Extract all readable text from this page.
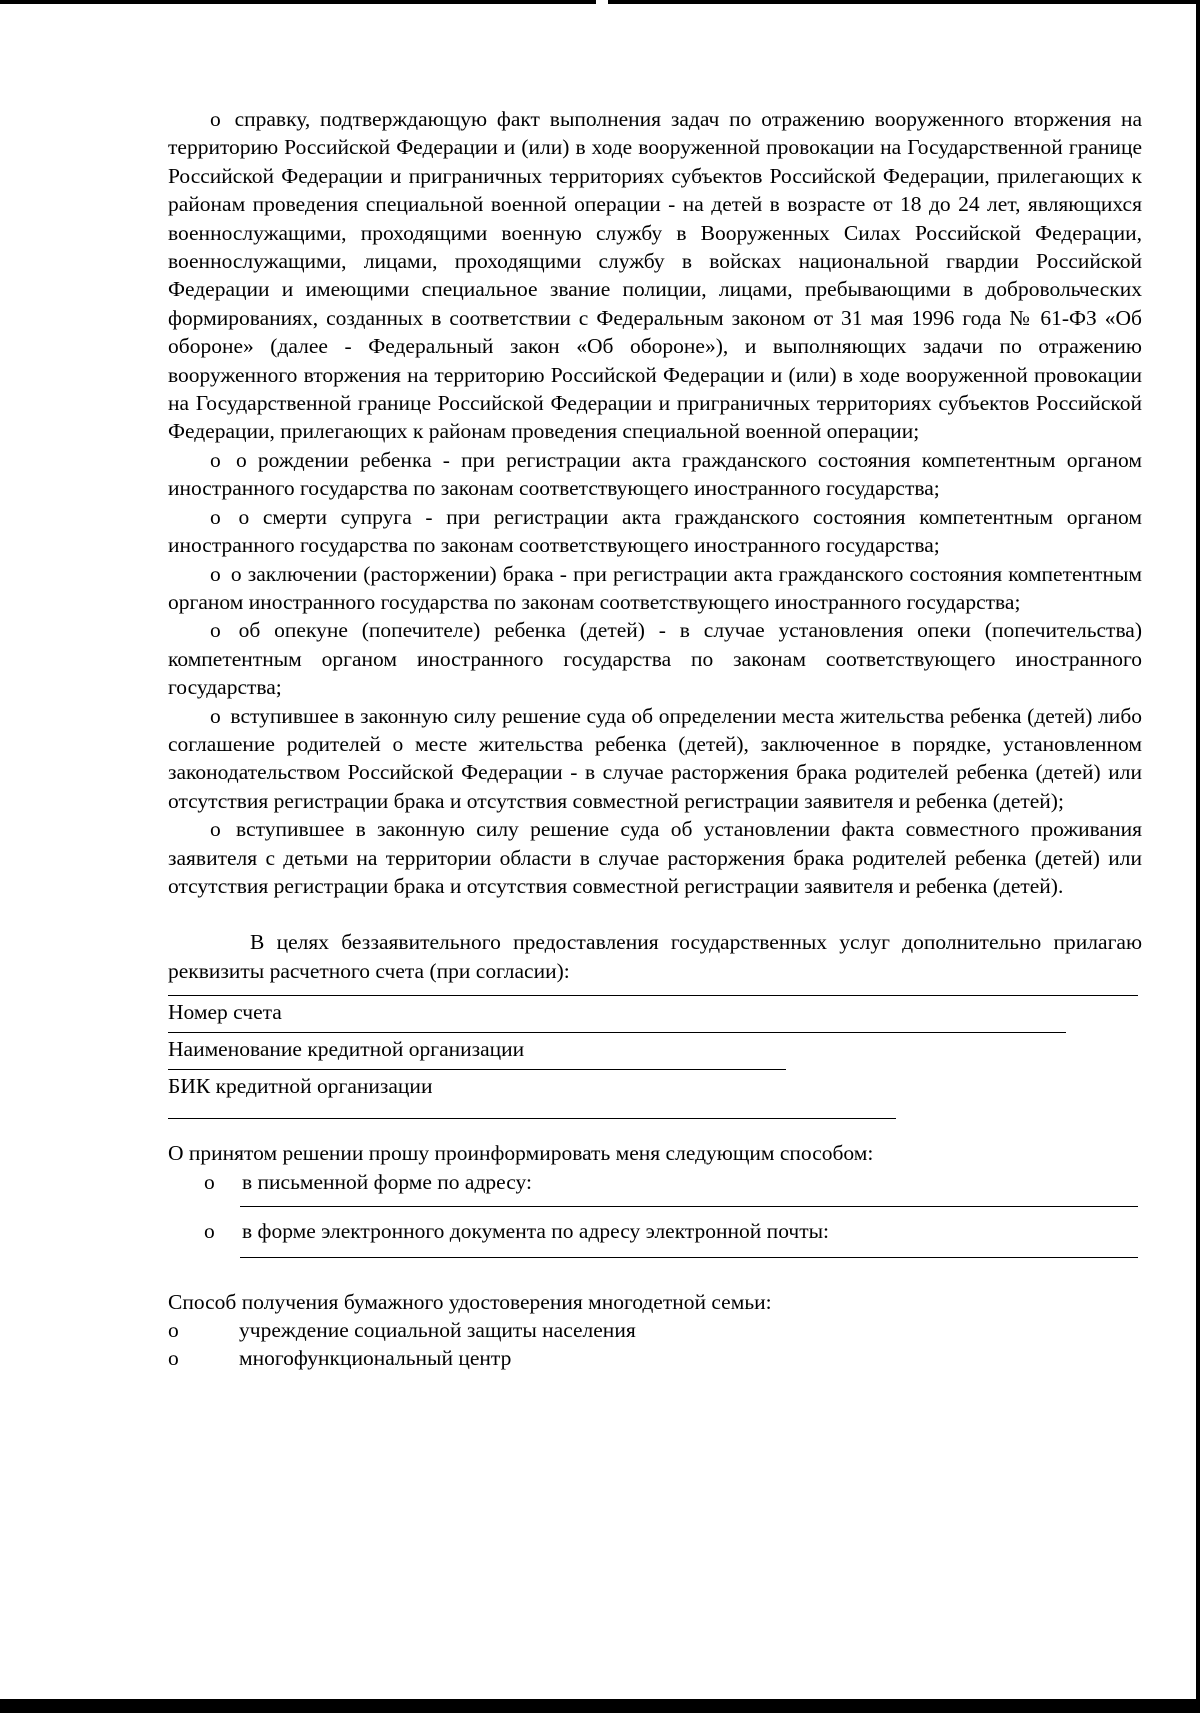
о справку, подтверждающую факт выполнения задач по отражению вооруженного вторжения на территорию Российской Федерации и (или) в ходе вооруженной провокации на Государственной границе Российской Федерации и приграничных территориях субъектов Российской Федерации, прилегающих к районам проведения специальной военной операции - на детей в возрасте от 18 до 24 лет, являющихся военнослужащими, проходящими военную службу в Вооруженных Силах Российской Федерации, военнослужащими, лицами, проходящими службу в войсках национальной гвардии Российской Федерации и имеющими специальное звание полиции, лицами, пребывающими в добровольческих формированиях, созданных в соответствии с Федеральным законом от 31 мая 1996 года № 61-ФЗ «Об обороне» (далее - Федеральный закон «Об обороне»), и выполняющих задачи по отражению вооруженного вторжения на территорию Российской Федерации и (или) в ходе вооруженной провокации на Государственной границе Российской Федерации и приграничных территориях субъектов Российской Федерации, прилегающих к районам проведения специальной военной операции;

о о рождении ребенка - при регистрации акта гражданского состояния компетентным органом иностранного государства по законам соответствующего иностранного государства;

о о смерти супруга - при регистрации акта гражданского состояния компетентным органом иностранного государства по законам соответствующего иностранного государства;

о о заключении (расторжении) брака - при регистрации акта гражданского состояния компетентным органом иностранного государства по законам соответствующего иностранного государства;

о об опекуне (попечителе) ребенка (детей) - в случае установления опеки (попечительства) компетентным органом иностранного государства по законам соответствующего иностранного государства;

о вступившее в законную силу решение суда об определении места жительства ребенка (детей) либо соглашение родителей о месте жительства ребенка (детей), заключенное в порядке, установленном законодательством Российской Федерации - в случае расторжения брака родителей ребенка (детей) или отсутствия регистрации брака и отсутствия совместной регистрации заявителя и ребенка (детей);

о вступившее в законную силу решение суда об установлении факта совместного проживания заявителя с детьми на территории области в случае расторжения брака родителей ребенка (детей) или отсутствия регистрации брака и отсутствия совместной регистрации заявителя и ребенка (детей).

В целях беззаявительного предоставления государственных услуг дополнительно прилагаю реквизиты расчетного счета (при согласии):

Номер счета

Наименование кредитной организации

БИК кредитной организации

О принятом решении прошу проинформировать меня следующим способом:

о	в письменной форме по адресу:
о	в форме электронного документа по адресу электронной почты:

Способ получения бумажного удостоверения многодетной семьи:

о	учреждение социальной защиты населения
о	многофункциональный центр
